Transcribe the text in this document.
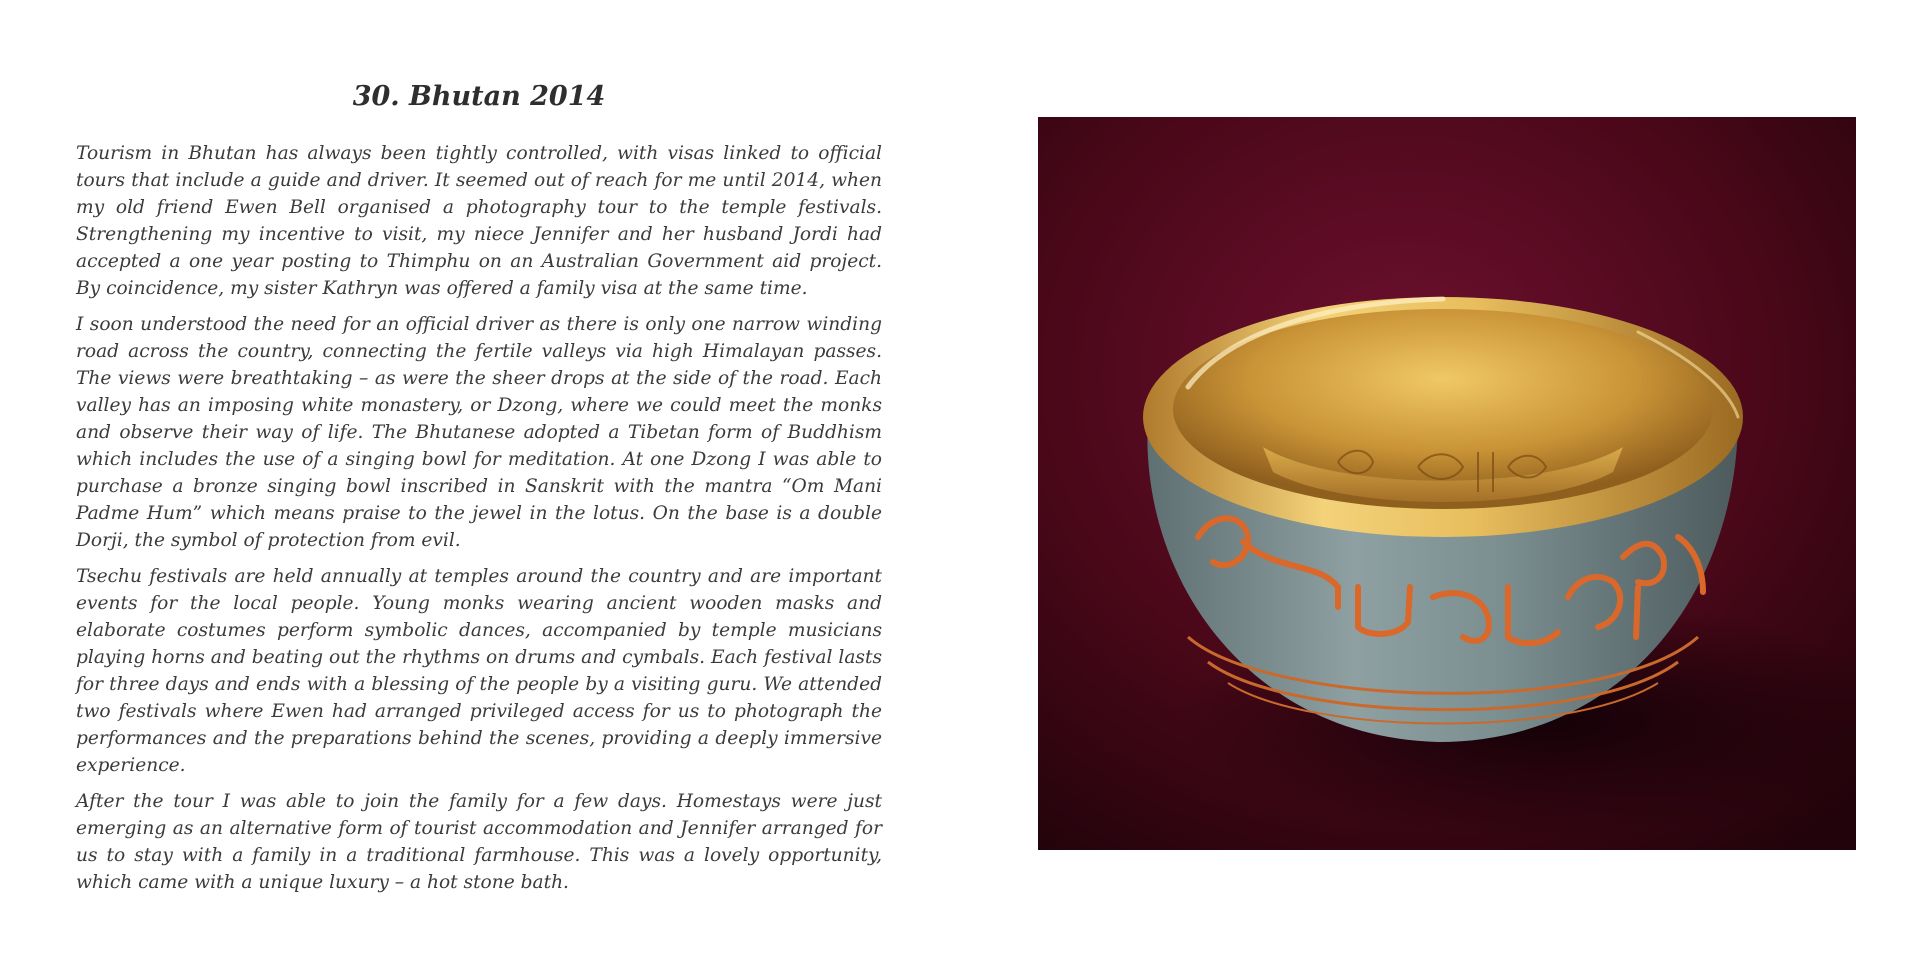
30. Bhutan 2014

Tourism in Bhutan has always been tightly controlled, with visas linked to official tours that include a guide and driver. It seemed out of reach for me until 2014, when my old friend Ewen Bell organised a photography tour to the temple festivals. Strengthening my incentive to visit, my niece Jennifer and her husband Jordi had accepted a one year posting to Thimphu on an Australian Government aid project. By coincidence, my sister Kathryn was offered a family visa at the same time.

I soon understood the need for an official driver as there is only one narrow winding road across the country, connecting the fertile valleys via high Himalayan passes. The views were breathtaking – as were the sheer drops at the side of the road. Each valley has an imposing white monastery, or Dzong, where we could meet the monks and observe their way of life. The Bhutanese adopted a Tibetan form of Buddhism which includes the use of a singing bowl for meditation. At one Dzong I was able to purchase a bronze singing bowl inscribed in Sanskrit with the mantra “Om Mani Padme Hum” which means praise to the jewel in the lotus. On the base is a double Dorji, the symbol of protection from evil.

Tsechu festivals are held annually at temples around the country and are important events for the local people. Young monks wearing ancient wooden masks and elaborate costumes perform symbolic dances, accompanied by temple musicians playing horns and beating out the rhythms on drums and cymbals. Each festival lasts for three days and ends with a blessing of the people by a visiting guru. We attended two festivals where Ewen had arranged privileged access for us to photograph the performances and the preparations behind the scenes, providing a deeply immersive experience.

After the tour I was able to join the family for a few days. Homestays were just emerging as an alternative form of tourist accommodation and Jennifer arranged for us to stay with a family in a traditional farmhouse. This was a lovely opportunity, which came with a unique luxury – a hot stone bath.
